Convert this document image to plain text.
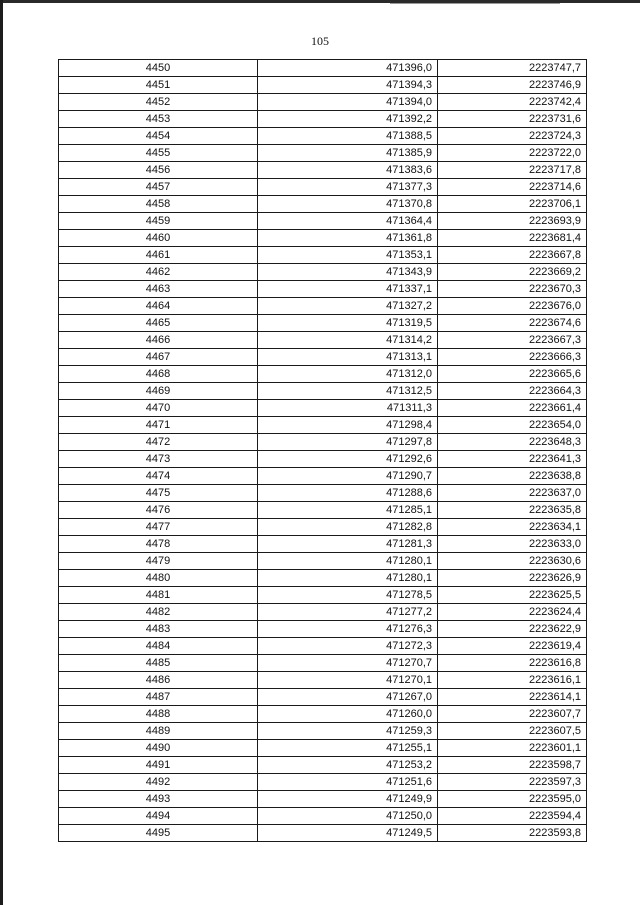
105
4450	471396,0	2223747,7
4451	471394,3	2223746,9
4452	471394,0	2223742,4
4453	471392,2	2223731,6
4454	471388,5	2223724,3
4455	471385,9	2223722,0
4456	471383,6	2223717,8
4457	471377,3	2223714,6
4458	471370,8	2223706,1
4459	471364,4	2223693,9
4460	471361,8	2223681,4
4461	471353,1	2223667,8
4462	471343,9	2223669,2
4463	471337,1	2223670,3
4464	471327,2	2223676,0
4465	471319,5	2223674,6
4466	471314,2	2223667,3
4467	471313,1	2223666,3
4468	471312,0	2223665,6
4469	471312,5	2223664,3
4470	471311,3	2223661,4
4471	471298,4	2223654,0
4472	471297,8	2223648,3
4473	471292,6	2223641,3
4474	471290,7	2223638,8
4475	471288,6	2223637,0
4476	471285,1	2223635,8
4477	471282,8	2223634,1
4478	471281,3	2223633,0
4479	471280,1	2223630,6
4480	471280,1	2223626,9
4481	471278,5	2223625,5
4482	471277,2	2223624,4
4483	471276,3	2223622,9
4484	471272,3	2223619,4
4485	471270,7	2223616,8
4486	471270,1	2223616,1
4487	471267,0	2223614,1
4488	471260,0	2223607,7
4489	471259,3	2223607,5
4490	471255,1	2223601,1
4491	471253,2	2223598,7
4492	471251,6	2223597,3
4493	471249,9	2223595,0
4494	471250,0	2223594,4
4495	471249,5	2223593,8
